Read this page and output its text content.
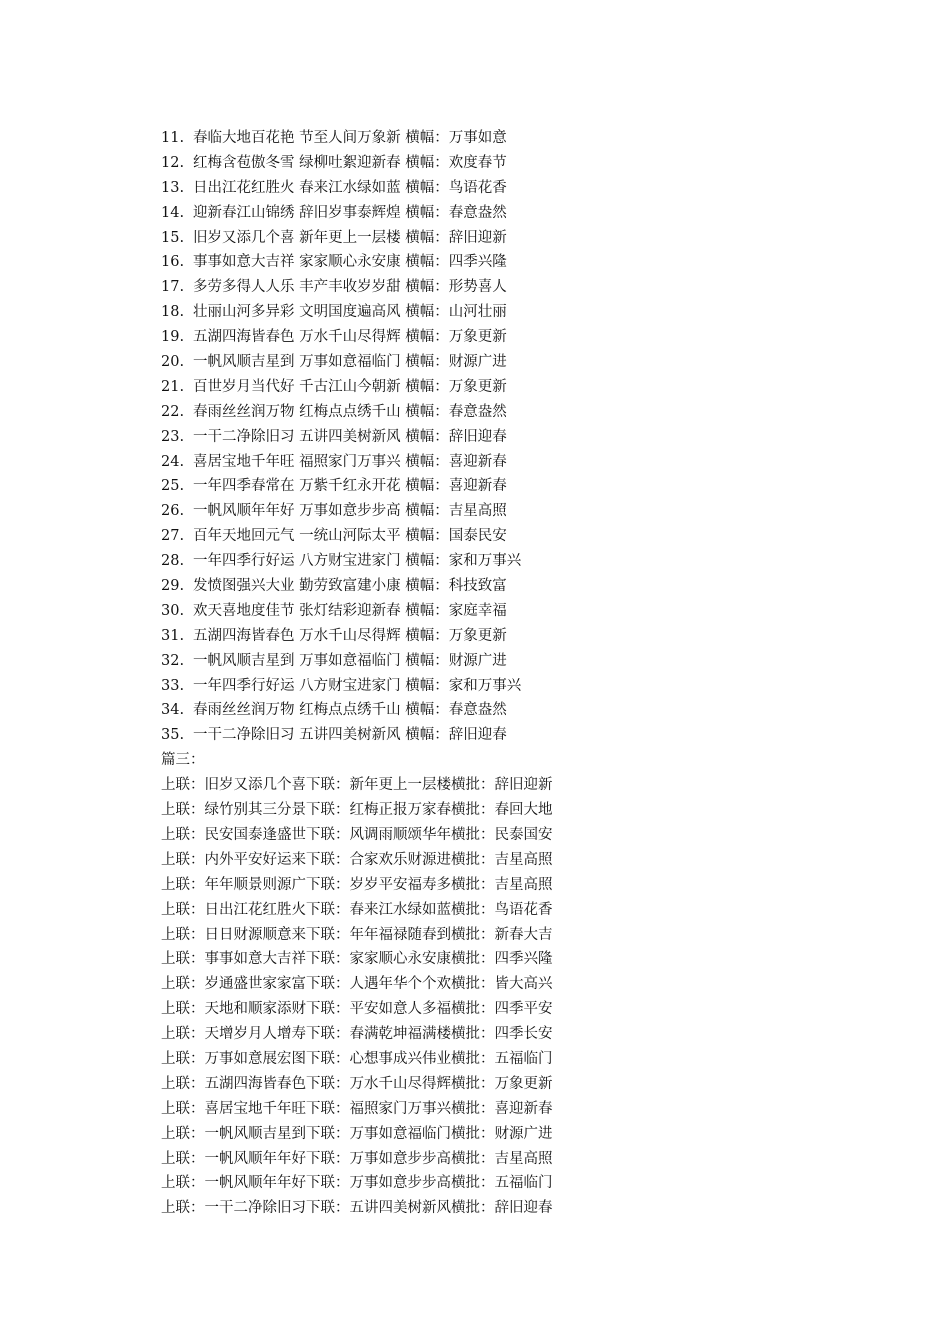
11. 春临大地百花艳 节至人间万象新 横幅：万事如意
12. 红梅含苞傲冬雪 绿柳吐絮迎新春 横幅：欢度春节
13. 日出江花红胜火 春来江水绿如蓝 横幅：鸟语花香
14. 迎新春江山锦绣 辞旧岁事泰辉煌 横幅：春意盎然
15. 旧岁又添几个喜 新年更上一层楼 横幅：辞旧迎新
16. 事事如意大吉祥 家家顺心永安康 横幅：四季兴隆
17. 多劳多得人人乐 丰产丰收岁岁甜 横幅：形势喜人
18. 壮丽山河多异彩 文明国度遍高风 横幅：山河壮丽
19. 五湖四海皆春色 万水千山尽得辉 横幅：万象更新
20. 一帆风顺吉星到 万事如意福临门 横幅：财源广进
21. 百世岁月当代好 千古江山今朝新 横幅：万象更新
22. 春雨丝丝润万物 红梅点点绣千山 横幅：春意盎然
23. 一干二净除旧习 五讲四美树新风 横幅：辞旧迎春
24. 喜居宝地千年旺 福照家门万事兴 横幅：喜迎新春
25. 一年四季春常在 万紫千红永开花 横幅：喜迎新春
26. 一帆风顺年年好 万事如意步步高 横幅：吉星高照
27. 百年天地回元气 一统山河际太平 横幅：国泰民安
28. 一年四季行好运 八方财宝进家门 横幅：家和万事兴
29. 发愤图强兴大业 勤劳致富建小康 横幅：科技致富
30. 欢天喜地度佳节 张灯结彩迎新春 横幅：家庭幸福
31. 五湖四海皆春色 万水千山尽得辉 横幅：万象更新
32. 一帆风顺吉星到 万事如意福临门 横幅：财源广进
33. 一年四季行好运 八方财宝进家门 横幅：家和万事兴
34. 春雨丝丝润万物 红梅点点绣千山 横幅：春意盎然
35. 一干二净除旧习 五讲四美树新风 横幅：辞旧迎春
篇三：
上联：旧岁又添几个喜下联：新年更上一层楼横批：辞旧迎新
上联：绿竹别其三分景下联：红梅正报万家春横批：春回大地
上联：民安国泰逢盛世下联：风调雨顺颂华年横批：民泰国安
上联：内外平安好运来下联：合家欢乐财源进横批：吉星高照
上联：年年顺景则源广下联：岁岁平安福寿多横批：吉星高照
上联：日出江花红胜火下联：春来江水绿如蓝横批：鸟语花香
上联：日日财源顺意来下联：年年福禄随春到横批：新春大吉
上联：事事如意大吉祥下联：家家顺心永安康横批：四季兴隆
上联：岁通盛世家家富下联：人遇年华个个欢横批：皆大高兴
上联：天地和顺家添财下联：平安如意人多福横批：四季平安
上联：天增岁月人增寿下联：春满乾坤福满楼横批：四季长安
上联：万事如意展宏图下联：心想事成兴伟业横批：五福临门
上联：五湖四海皆春色下联：万水千山尽得辉横批：万象更新
上联：喜居宝地千年旺下联：福照家门万事兴横批：喜迎新春
上联：一帆风顺吉星到下联：万事如意福临门横批：财源广进
上联：一帆风顺年年好下联：万事如意步步高横批：吉星高照
上联：一帆风顺年年好下联：万事如意步步高横批：五福临门
上联：一干二净除旧习下联：五讲四美树新风横批：辞旧迎春
